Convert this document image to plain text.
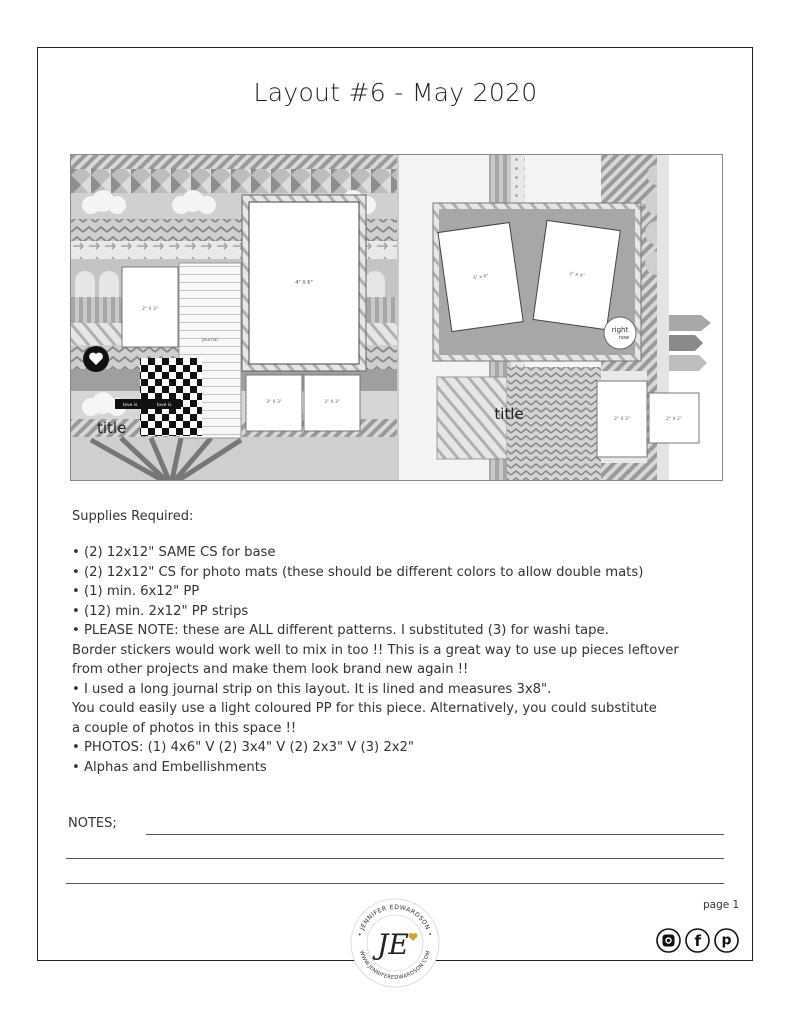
Layout #6 - May 2020
2" X 3"
Journal
4" X 6"
3" X 3"	3" X 3"
love is	love is
title
3" x 4"	3" X 4"
right
now
title	2" X 3"	2" X 2"
Supplies Required:
• (2) 12x12" SAME CS for base
• (2) 12x12" CS for photo mats (these should be different colors to allow double mats)
• (1) min. 6x12" PP
• (12) min. 2x12" PP strips
• PLEASE NOTE: these are ALL different patterns. I substituted (3) for washi tape.
Border stickers would work well to mix in too !! This is a great way to use up pieces leftover
from other projects and make them look brand new again !!
• I used a long journal strip on this layout. It is lined and measures 3x8".
You could easily use a light coloured PP for this piece. Alternatively, you could substitute
a couple of photos in this space !!
• PHOTOS: (1) 4x6" V (2) 3x4" V (2) 2x3" V (3) 2x2"
• Alphas and Embellishments
NOTES;
page 1
• JENNIFER EDWARDSON •
WWW.JENNIFEREDWARDSON.COM
JE	f p
